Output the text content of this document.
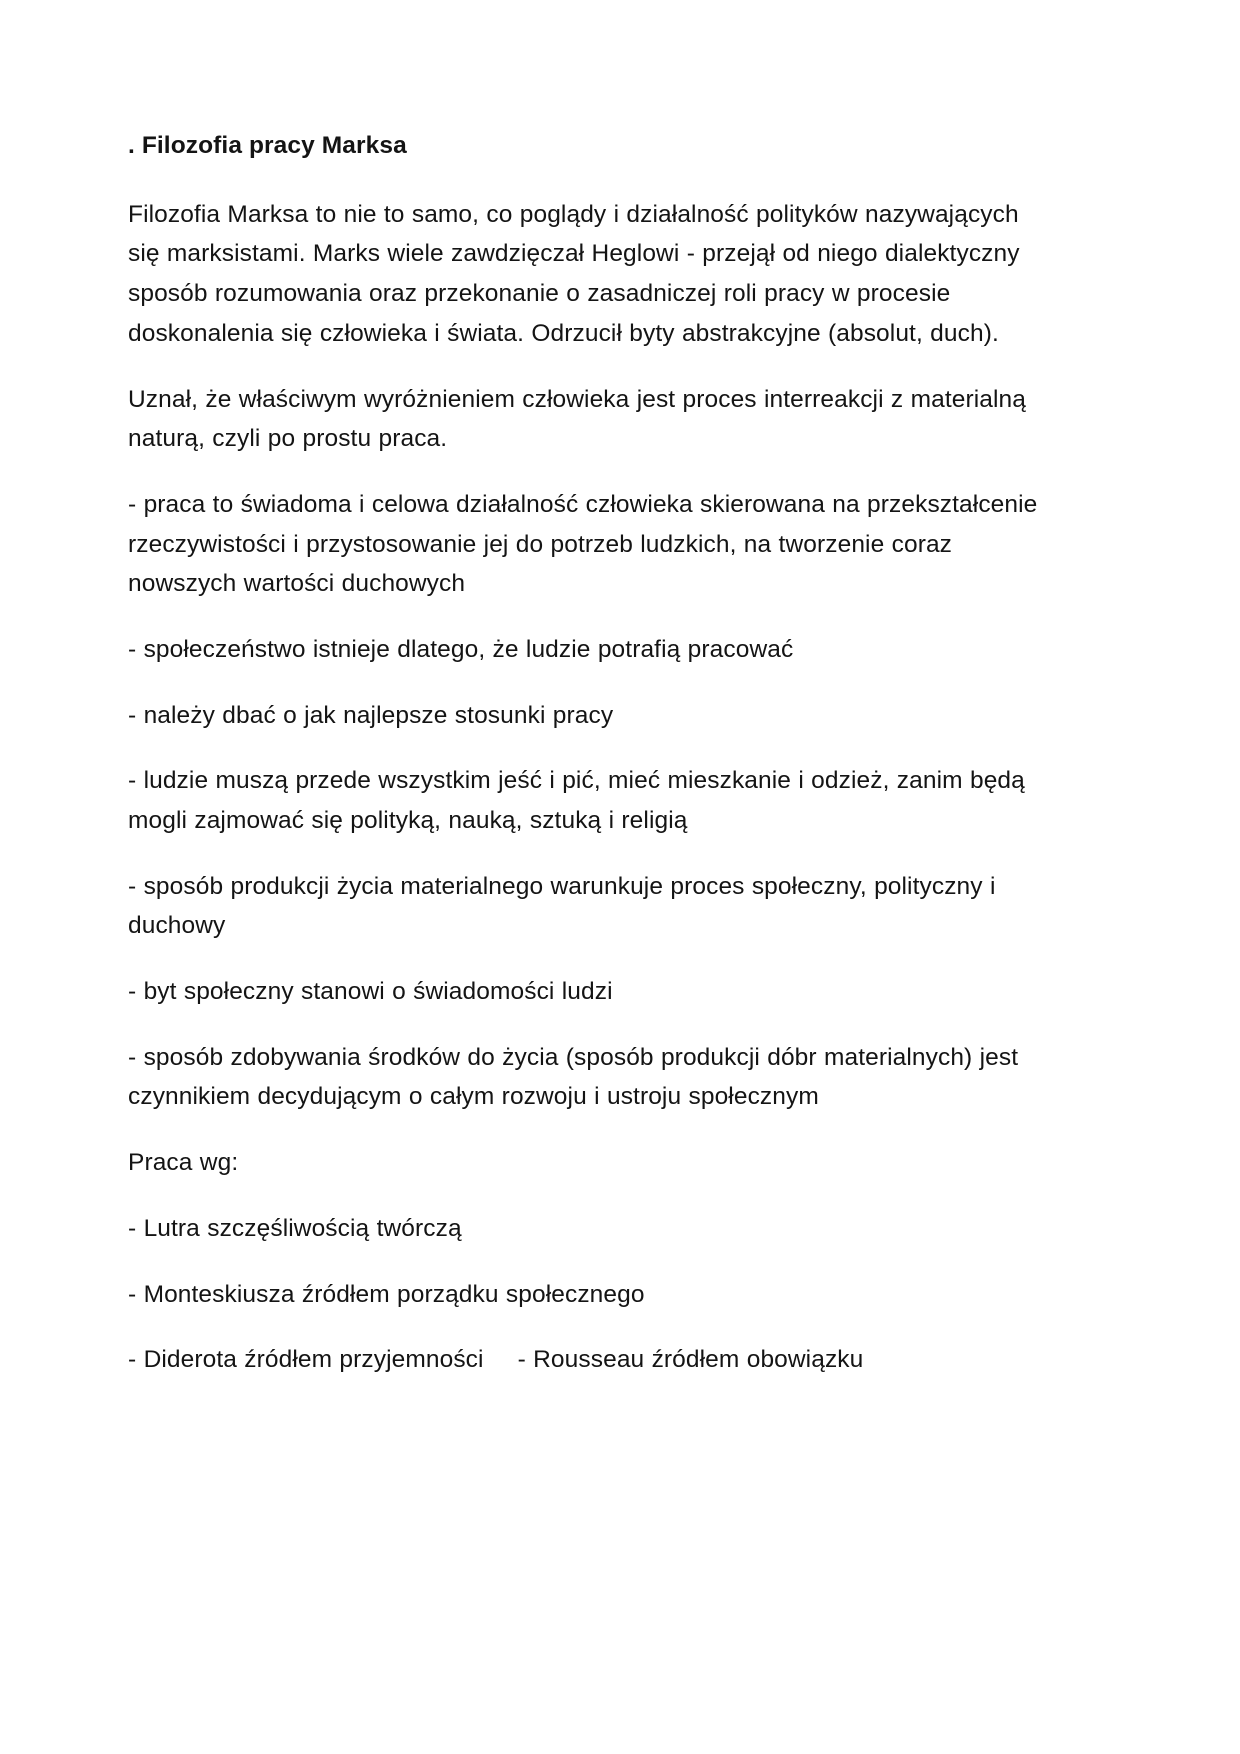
. Filozofia pracy Marksa

Filozofia Marksa to nie to samo, co poglądy i działalność polityków nazywających się marksistami. Marks wiele zawdzięczał Heglowi - przejął od niego dialektyczny sposób rozumowania oraz przekonanie o zasadniczej roli pracy w procesie doskonalenia się człowieka i świata. Odrzucił byty abstrakcyjne (absolut, duch).

Uznał, że właściwym wyróżnieniem człowieka jest proces interreakcji z materialną naturą, czyli po prostu praca.

- praca to świadoma i celowa działalność człowieka skierowana na przekształcenie rzeczywistości i przystosowanie jej do potrzeb ludzkich, na tworzenie coraz nowszych wartości duchowych

- społeczeństwo istnieje dlatego, że ludzie potrafią pracować

- należy dbać o jak najlepsze stosunki pracy

- ludzie muszą przede wszystkim jeść i pić, mieć mieszkanie i odzież, zanim będą mogli zajmować się polityką, nauką, sztuką i religią

- sposób produkcji życia materialnego warunkuje proces społeczny, polityczny i duchowy

- byt społeczny stanowi o świadomości ludzi

- sposób zdobywania środków do życia (sposób produkcji dóbr materialnych) jest czynnikiem decydującym o całym rozwoju i ustroju społecznym

Praca wg:

- Lutra szczęśliwością twórczą

- Monteskiusza źródłem porządku społecznego

- Diderota źródłem przyjemności - Rousseau źródłem obowiązku
